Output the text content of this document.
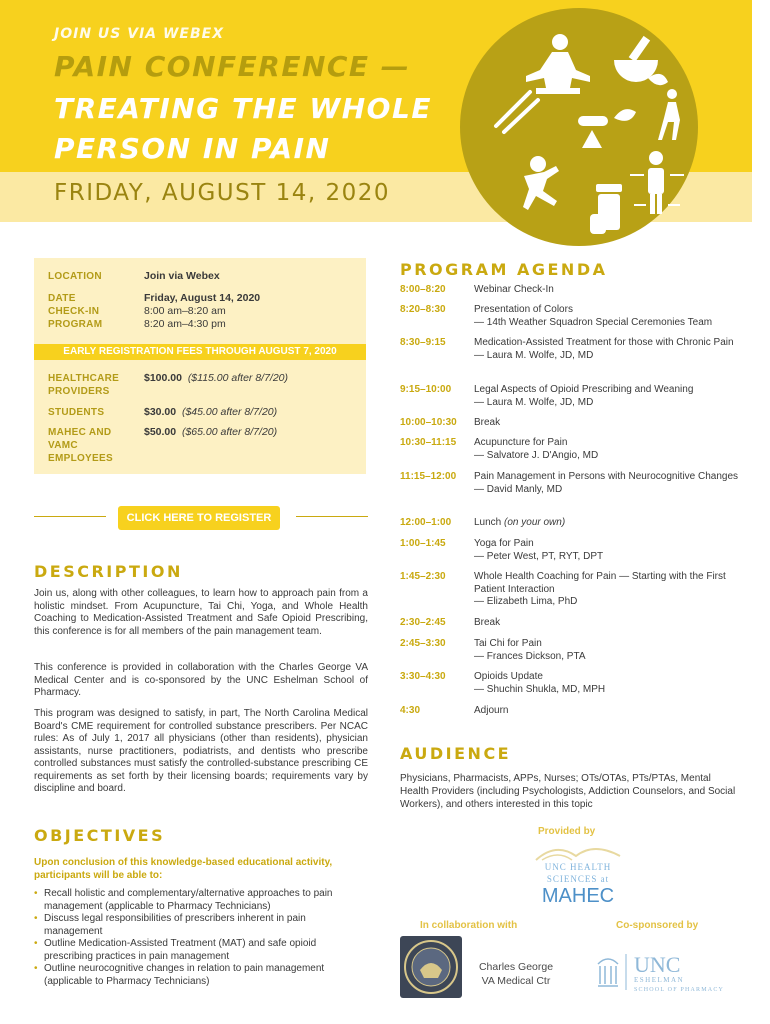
JOIN US VIA WEBEX
PAIN CONFERENCE —
TREATING THE WHOLE
PERSON IN PAIN
FRIDAY, AUGUST 14, 2020
LOCATION	Join via Webex
DATE	Friday, August 14, 2020
CHECK-IN	8:00 am–8:20 am
PROGRAM	8:20 am–4:30 pm
EARLY REGISTRATION FEES THROUGH AUGUST 7, 2020
HEALTHCARE
PROVIDERS
$100.00 ($115.00 after 8/7/20)
STUDENTS	$30.00 ($45.00 after 8/7/20)
MAHEC AND
VAMC
EMPLOYEES
$50.00 ($65.00 after 8/7/20)
CLICK HERE TO REGISTER
DESCRIPTION

Join us, along with other colleagues, to learn how to approach pain from a holistic mindset. From Acupuncture, Tai Chi, Yoga, and Whole Health Coaching to Medication-Assisted Treatment and Safe Opioid Prescribing, this conference is for all members of the pain management team.

This conference is provided in collaboration with the Charles George VA Medical Center and is co-sponsored by the UNC Eshelman School of Pharmacy.

This program was designed to satisfy, in part, The North Carolina Medical Board's CME requirement for controlled substance prescribers. Per NCAC rules: As of July 1, 2017 all physicians (other than residents), physician assistants, nurse practitioners, podiatrists, and dentists who prescribe controlled substances must satisfy the controlled-substance prescribing CE requirements as set forth by their licensing boards; requirements vary by discipline and board.

OBJECTIVES
Upon conclusion of this knowledge-based educational activity, participants will be able to:
• Recall holistic and complementary/alternative approaches to pain management (applicable to Pharmacy Technicians)
• Discuss legal responsibilities of prescribers inherent in pain management
• Outline Medication-Assisted Treatment (MAT) and safe opioid prescribing practices in pain management
• Outline neurocognitive changes in relation to pain management (applicable to Pharmacy Technicians)
PROGRAM AGENDA
8:00–8:20	Webinar Check-In
8:20–8:30	Presentation of Colors
— 14th Weather Squadron Special Ceremonies Team
8:30–9:15	Medication-Assisted Treatment for those with Chronic Pain
— Laura M. Wolfe, JD, MD
9:15–10:00	Legal Aspects of Opioid Prescribing and Weaning
— Laura M. Wolfe, JD, MD
10:00–10:30	Break
10:30–11:15	Acupuncture for Pain
— Salvatore J. D'Angio, MD
11:15–12:00	Pain Management in Persons with Neurocognitive Changes
— David Manly, MD
12:00–1:00	Lunch (on your own)
1:00–1:45	Yoga for Pain
— Peter West, PT, RYT, DPT
1:45–2:30	Whole Health Coaching for Pain — Starting with the First Patient Interaction
— Elizabeth Lima, PhD
2:30–2:45	Break
2:45–3:30	Tai Chi for Pain
— Frances Dickson, PTA
3:30–4:30	Opioids Update
— Shuchin Shukla, MD, MPH
4:30	Adjourn
AUDIENCE
Physicians, Pharmacists, APPs, Nurses; OTs/OTAs, PTs/PTAs, Mental Health Providers (including Psychologists, Addiction Counselors, and Social Workers), and others interested in this topic
Provided by
UNC HEALTH
SCIENCES at
MAHEC
In collaboration with	Co-sponsored by
Charles George
VA Medical Ctr
UNC
ESHELMAN
SCHOOL OF PHARMACY
